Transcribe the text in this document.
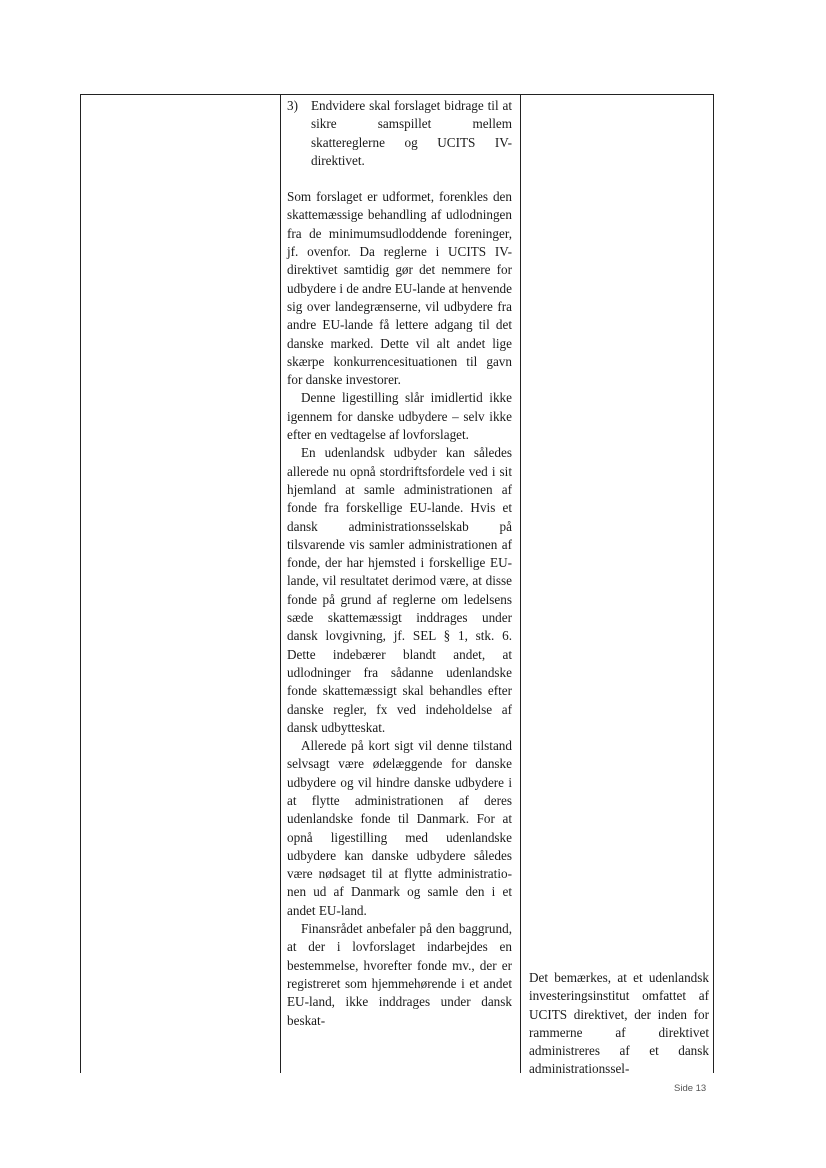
3) Endvidere skal forslaget bidrage til at sikre samspillet mellem skattereglerne og UCITS IV-direktivet.

Som forslaget er udformet, forenkles den skattemæssige behandling af udlodningen fra de minimumsudloddende foreninger, jf. ovenfor. Da reglerne i UCITS IV-direktivet samtidig gør det nemmere for udbydere i de andre EU-lande at henvende sig over landegrænserne, vil udbydere fra andre EU-lande få lettere adgang til det danske marked. Dette vil alt andet lige skærpe konkurrencesituationen til gavn for danske investorer.

Denne ligestilling slår imidlertid ikke igennem for danske udbydere – selv ikke efter en vedtagelse af lovforslaget.

En udenlandsk udbyder kan således allerede nu opnå stordriftsfordele ved i sit hjemland at samle administrationen af fonde fra forskellige EU-lande. Hvis et dansk administrationsselskab på tilsvarende vis samler administrationen af fonde, der har hjemsted i forskellige EU-lande, vil resultatet derimod være, at disse fonde på grund af reglerne om ledelsens sæde skattemæssigt inddrages under dansk lovgivning, jf. SEL § 1, stk. 6. Dette indebærer blandt andet, at udlodninger fra sådanne udenlandske fonde skattemæssigt skal behandles efter danske regler, fx ved indeholdelse af dansk udbytteskat.

Allerede på kort sigt vil denne tilstand selvsagt være ødelæggende for danske udbydere og vil hindre danske udbydere i at flytte administrationen af deres udenlandske fonde til Danmark. For at opnå ligestilling med udenlandske udbydere kan danske udbydere således være nødsaget til at flytte administrationen ud af Danmark og samle den i et andet EU-land.

Finansrådet anbefaler på den baggrund, at der i lovforslaget indarbejdes en bestemmelse, hvorefter fonde mv., der er registreret som hjemmehørende i et andet EU-land, ikke inddrages under dansk beskat-

Det bemærkes, at et udenlandsk investeringsinstitut omfattet af UCITS direktivet, der inden for rammerne af direktivet administreres af et dansk administrationssel-

Side 13
